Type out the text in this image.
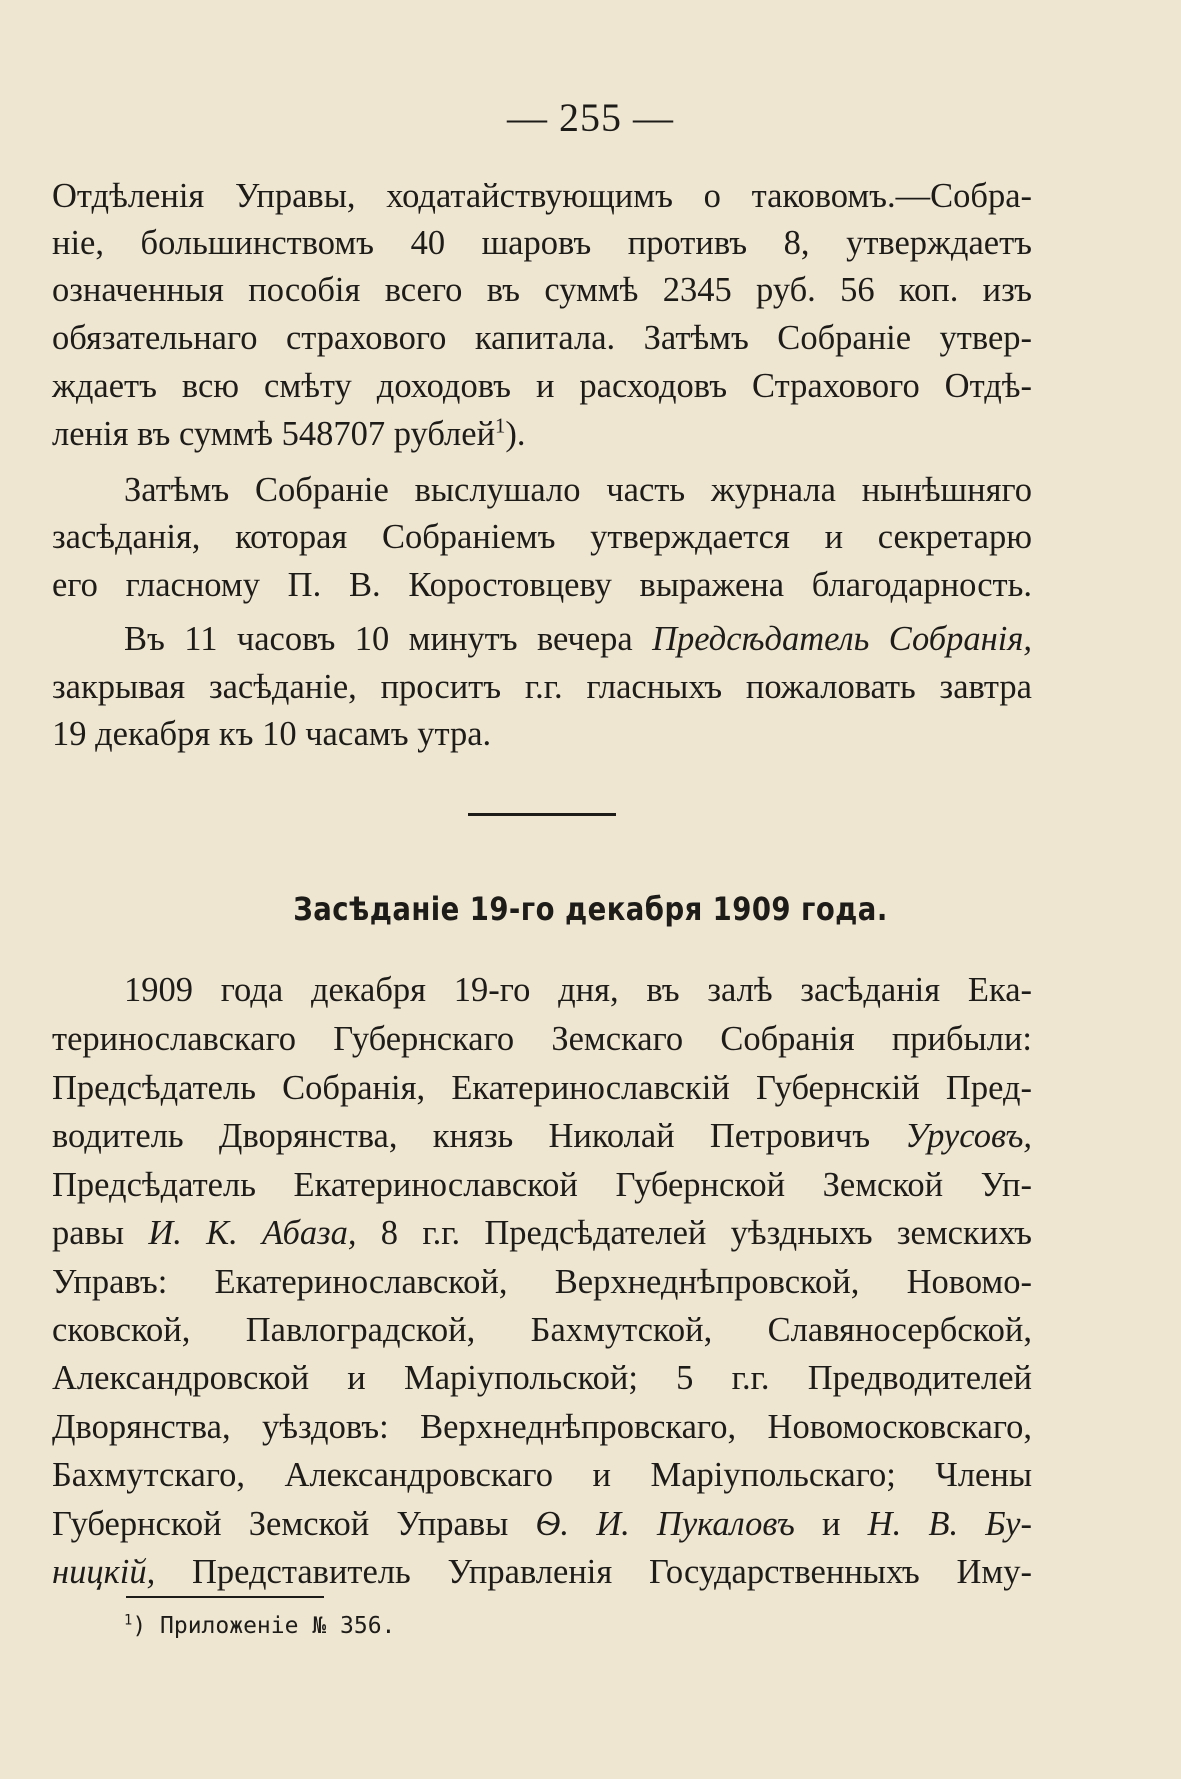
— 255 —
Отдѣленія Управы, ходатайствующимъ о таковомъ.—Собра-
ніе, большинствомъ 40 шаровъ противъ 8, утверждаетъ
означенныя пособія всего въ суммѣ 2345 руб. 56 коп. изъ
обязательнаго страхового капитала. Затѣмъ Собраніе утвер-
ждаетъ всю смѣту доходовъ и расходовъ Страхового Отдѣ-
ленія въ суммѣ 548707 рублей$^1$).
Затѣмъ Собраніе выслушало часть журнала нынѣшняго
засѣданія, которая Собраніемъ утверждается и секретарю
его гласному П. В. Коростовцеву выражена благодарность.
Въ 11 часовъ 10 минутъ вечера Предсѣдатель Собранія,
закрывая засѣданіе, проситъ г.г. гласныхъ пожаловать завтра
19 декабря къ 10 часамъ утра.
Засѣданіе 19-го декабря 1909 года.
1909 года декабря 19-го дня, въ залѣ засѣданія Ека-
теринославскаго Губернскаго Земскаго Собранія прибыли:
Предсѣдатель Собранія, Екатеринославскій Губернскій Пред-
водитель Дворянства, князь Николай Петровичъ Урусовъ,
Предсѣдатель Екатеринославской Губернской Земской Уп-
равы И. К. Абаза, 8 г.г. Предсѣдателей уѣздныхъ земскихъ
Управъ: Екатеринославской, Верхнеднѣпровской, Новомо-
сковской, Павлоградской, Бахмутской, Славяносербской,
Александровской и Маріупольской; 5 г.г. Предводителей
Дворянства, уѣздовъ: Верхнеднѣпровскаго, Новомосковскаго,
Бахмутскаго, Александровскаго и Маріупольскаго; Члены
Губернской Земской Управы Ѳ. И. Пукаловъ и Н. В. Бу-
ницкій, Представитель Управленія Государственныхъ Иму-
$^1$) Приложеніе № 356.
